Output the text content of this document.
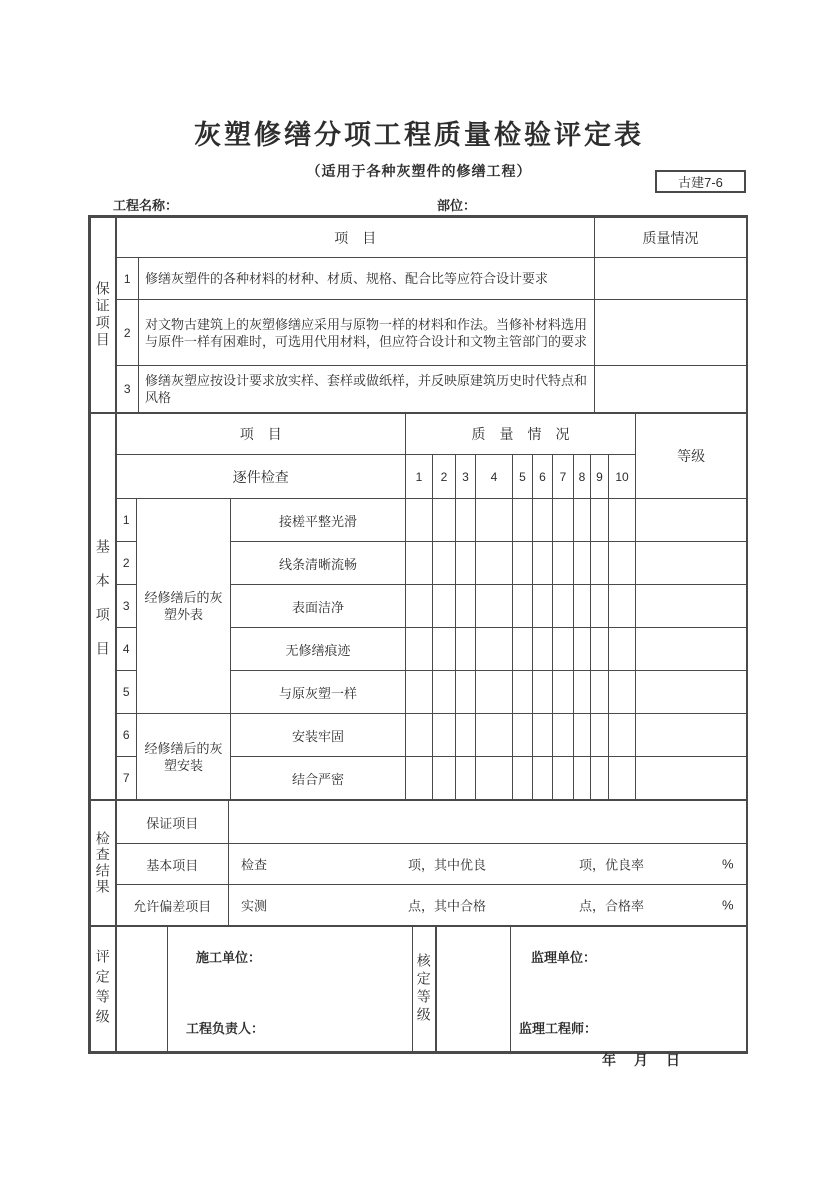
灰塑修缮分项工程质量检验评定表
（适用于各种灰塑件的修缮工程）
古建7-6
工程名称：	部位：
保证项目	项　目		质量情况
	1	修缮灰塑件的各种材料的材种、材质、规格、配合比等应符合设计要求	
	2	对文物古建筑上的灰塑修缮应采用与原物一样的材料和作法。当修补材料选用与原件一样有困难时，可选用代用材料，但应符合设计和文物主管部门的要求	
	3	修缮灰塑应按设计要求放实样、套样或做纸样，并反映原建筑历史时代特点和风格	
基本项目	项　目			质　量　情　况										等级
	逐件检查			1	2	3	4	5	6	7	8	9	10	
	1	经修缮后的灰塑外表	接槎平整光滑											
	2		线条清晰流畅											
	3		表面洁净											
	4		无修缮痕迹											
	5		与原灰塑一样											
	6	经修缮后的灰塑安装	安装牢固											
	7		结合严密											
检查结果	保证项目	
	基本项目	检查 项，其中优良 项，优良率 %

	允许偏差项目	实测 点，其中合格 点，合格率 %
评定等级		施工单位：
工程负责人：
	核定等级		监理单位：
监理工程师：
年　月　日
